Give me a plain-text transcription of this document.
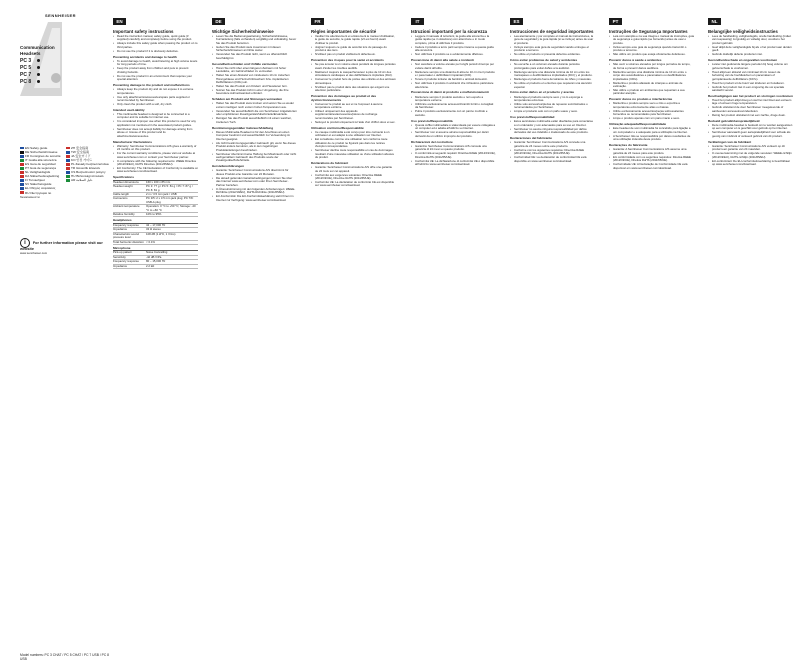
SENNHEISER
Communication
Headsets
PC 3
PC 5
PC 7
PC 8
EN Safety guide
DE Sicherheitshinweise
FR Consignes de sécurité
IT Guida alla sicurezza
ES Guía de seguridad
PT Guia de segurança
NL Veiligheidsgids
DA Sikkerhedsvejledning
FI Turvaohjeet
SV Säkerhetsguide
EL Οδηγός ασφαλείας
RU Инструкция по безопасности
ZH 安全指南
TW 安全指南
JA 安全ガイド
KO 안전 가이드
PL Zasady bezpieczeństwa
TR Güvenlik kılavuzu
CS Bezpečnostní pokyny
HU Biztonsági útmutató
AR دليل السلامة
i For further information please visit our website
www.sennheiser.com
Model numbers: PC 3 CHAT / PC 5 CHAT / PC 7 USB / PC 8 USB
EN
Important safety instructions
• Read the instruction manual, safety guide, quick guide (if supplied) carefully and completely before using the product.
• Always include this safety guide when passing the product on to third parties.
• Do not use the product if it is obviously defective.
Preventing accidents and damage to health
• To avoid damage to health, avoid listening at high volume levels for long periods of time.
• Keep the product away from children and pets to prevent choking hazards.
• Do not use the product in an environment that requires your special attention.
Preventing damage to the product and malfunctions
• Always keep the product dry and do not expose it to extreme temperatures.
• Use only attachments/accessories/spare parts supplied or recommended by Sennheiser.
• Only clean the product with a soft, dry cloth.
Intended use/Liability
• This multimedia headset is designed to be connected to a computer and its suitable for internet use.
• It is considered improper use when this product is used for any application not mentioned in the associated product guides.
• Sennheiser does not accept liability for damage arising from abuse or misuse of this product and its attachments/accessories.
Manufacturer Declarations
• Warranty: Sennheiser Communications A/S gives a warranty of 24 months on this product.
• For the current warranty conditions, please visit our website at www.sennheiser.com or contact your Sennheiser partner.
• In compliance with the following requirements: WEEE Directive (2012/19/EU), RoHS Directive (2011/65/EU).
• EU Conformity: The CE Declaration of Conformity is available at www.sennheiser.com/download.
Specifications	
Headset dimensions	160 x 160 x 85 mm
Headset weight	PC 3: 77 g / PC 5: 81 g / PC 7: 87 g / PC 8: 81 g
Cable length	2 m / 3.5 mm jack / USB
Connectors	PC 3/5: 2 x 3.5 mm jack plug; PC 7/8: USB-A plug
Ambient temperature	Operation: 0 °C to +50 °C; Storage: -20 °C to +60 °C
Relative humidity	10% to 95%
Headphones	
Frequency response	42 – 17,000 Hz
Impedance	32 Ω stereo
Characteristic sound pressure level	108 dB (1 kHz, 1 Vrms)
Total harmonic distortion	< 0.1%
Microphone	
Pick-up pattern	Noise Cancelling
Sensitivity	-42 dB V/Pa
Frequency response	80 – 15,000 Hz
Impedance	2.2 kΩ
DE
Wichtige Sicherheitshinweise
• Lesen Sie die Bedienungsanleitung, Sicherheitshinweise, Kurzanleitung (falls vorhanden) sorgfältig und vollständig, bevor Sie das Produkt benutzen.
• Geben Sie das Produkt stets zusammen mit diesen Sicherheitshinweisen an Dritte weiter.
• Verwenden Sie das Produkt nicht, wenn es offensichtlich beschädigt ist.
Gesundheitsschäden und Unfälle vermeiden
• Hören Sie nicht über einen längeren Zeitraum mit hoher Lautstärke, um Gehörschäden zu vermeiden.
• Halten Sie einen Abstand von mindestens 10 cm zwischen Hörergehäuse und Herzschrittmachern bzw. implantierten Defibrillatoren (ICDs) ein.
• Halten Sie das Produkt von Kindern und Haustieren fern.
• Nutzen Sie das Produkt nicht in einer Umgebung, die Ihre besondere Aufmerksamkeit erfordert.
Schäden am Produkt und Störungen vermeiden
• Halten Sie das Produkt stets trocken und setzen Sie es weder extrem niedrigen noch extrem hohen Temperaturen aus.
• Verwenden Sie ausschließlich die von Sennheiser mitgelieferten oder empfohlenen Zusatzgeräte/Zubehörteile/Ersatzteile.
• Reinigen Sie das Produkt ausschließlich mit einem weichen, trockenen Tuch.
Bestimmungsgemäßer Gebrauch/Haftung
• Dieses Multimedia-Headset ist für den Anschluss an einen Computer bestimmt und ausschließlich zur Verwendung im Internet geeignet.
• Als nicht bestimmungsgemäßer Gebrauch gilt, wenn Sie dieses Produkt anders benutzen, als in den zugehörigen Produktanleitungen beschrieben.
• Sennheiser übernimmt keine Haftung bei Missbrauch oder nicht sachgemäßem Gebrauch des Produkts sowie der Zusatzgeräte/Zubehörteile.
Herstellererklärungen
• Garantie: Sennheiser Communications A/S übernimmt für dieses Produkt eine Garantie von 24 Monaten.
• Die aktuell geltenden Garantiebedingungen können Sie über das Internet www.sennheiser.com oder Ihren Sennheiser-Partner beziehen.
• In Übereinstimmung mit den folgenden Anforderungen: WEEE-Richtlinie (2012/19/EU), RoHS-Richtlinie (2011/65/EU).
• EU-Konformität: Die EU-Konformitätserklärung steht Ihnen im Internet zur Verfügung: www.sennheiser.com/download.
FR
Règles importantes de sécurité
• Veuillez lire attentivement et entièrement le manuel d'utilisation, le guide de sécurité, le guide rapide (s'il est fourni) avant d'utiliser le produit.
• Joignez toujours ce guide de sécurité lors du passage du produit à des tiers.
• N'utilisez pas un produit visiblement défectueux.
Prévention des risques pour la santé et accidents
• Ne pas écouter à un volume élevé pendant de longues périodes avant d'éviter les troubles auditifs.
• Maintenez toujours le casque/l'écouteur à plus de 10 cm des stimulateurs cardiaques et des défibrillateurs implantés (DAI).
• Conservez le produit hors de portée des enfants et des animaux domestiques.
• N'utilisez pas le produit dans des situations qui exigent une attention particulière.
Prévention des dommages au produit et des dysfonctionnements
• Conservez le produit au sec et ne l'exposez à aucune température extrême.
• Utilisez uniquement des appareils supplémentaires/accessoires/pièces de rechange recommandés par Sennheiser.
• Nettoyez le produit uniquement à l'aide d'un chiffon doux et sec.
Utilisation conforme/Responsabilité
• Ce casque multimédia a été conçu pour être connecté à un ordinateur et est adapté à une utilisation sur Internet.
• Est considérée comme une utilisation non conforme toute utilisation de ce produit ne figurant pas dans les notices d'emploi correspondantes.
• Sennheiser décline toute responsabilité en cas de dommages résultant d'une mauvaise utilisation ou d'une utilisation abusive du produit.
Déclarations du fabricant
• Garantie: Sennheiser Communications A/S offre une garantie de 24 mois sur cet appareil.
• Conformité aux exigences suivantes: Directive DEEE (2012/19/UE), Directive RoHS (2011/65/UE).
• Conformité UE: La déclaration de conformité CE est disponible sur www.sennheiser.com/download.
IT
Istruzioni importanti per la sicurezza
• Leggere il manuale di istruzioni, la guida alla sicurezza e la guida rapida (se in dotazione) con attenzione e in modo completo, prima di utilizzare il prodotto.
• Cedere il prodotto a terze parti sempre insieme a questa guida alla sicurezza.
• Non utilizzare il prodotto se è evidentemente difettoso.
Prevenzione di danni alla salute e incidenti
• Non ascoltare a volume elevato per lunghi periodi di tempo per evitare danni all'udito.
• Mantenere sempre una distanza di almeno 10 cm tra il prodotto e i pacemaker o defibrillatori impiantati (ICD).
• Tenere il prodotto lontano da bambini e animali domestici.
• Non utilizzare il prodotto in ambienti che richiedono particolare attenzione.
Prevenzione di danni al prodotto e malfunzionamenti
• Mantenere sempre il prodotto asciutto e non esporlo a temperature estreme.
• Utilizzare esclusivamente accessori/ricambi forniti o consigliati da Sennheiser.
• Pulire il prodotto esclusivamente con un panno morbido e asciutto.
Uso previsto/Responsabilità
• Questa cuffia multimediale è stata ideata per essere collegata a un computer ed è adatta all'utilizzo su Internet.
• Sennheiser non si assume alcuna responsabilità per danni derivanti da un utilizzo improprio del prodotto.
Dichiarazioni del costruttore
• Garanzia: Sennheiser Communications A/S concede una garanzia di 24 mesi su questo prodotto.
• In conformità ai seguenti requisiti: Direttiva RAEE (2012/19/UE), Direttiva RoHS (2011/65/UE).
• Conformità UE: La dichiarazione di conformità UE è disponibile all'indirizzo www.sennheiser.com/download.
ES
Instrucciones de seguridad importantes
• Lea atentamente y por completo el manual de instrucciones, la guía de seguridad y la guía rápida (si se incluye) antes de usar el producto.
• Incluya siempre esta guía de seguridad cuando entregue el producto a terceros.
• No utilice el producto si presenta defectos evidentes.
Cómo evitar problemas de salud y accidentes
• No escuche a un volumen elevado durante periodos prolongados para evitar daños a la audición.
• Mantenga siempre una distancia mínima de 10 cm entre los marcapasos o desfibriladores implantados (DCI) y el producto.
• Mantenga el producto fuera del alcance de niños y mascotas.
• No utilice el producto en entornos que requieran una atención especial.
Cómo evitar daños en el producto y averías
• Mantenga el producto siempre seco y no lo exponga a temperaturas extremas.
• Utilice solo accesorios/piezas de repuesto suministrados o recomendados por Sennheiser.
• Limpie el producto solo con un paño suave y seco.
Uso previsto/Responsabilidad
• Estos auriculares multimedia están diseñados para conectarse a un ordenador y son adecuados para su uso en Internet.
• Sennheiser no asume ninguna responsabilidad por daños derivados del uso indebido o inadecuado de este producto.
Declaraciones del fabricante
• Garantía: Sennheiser Communications A/S concede una garantía de 24 meses sobre este producto.
• Conforme con los siguientes requisitos: Directiva RAEE (2012/19/UE), Directiva RoHS (2011/65/UE).
• Conformidad UE: La declaración de conformidad CE está disponible en www.sennheiser.com/download.
PT
Instruções de Segurança Importantes
• Leia com atenção e na sua íntegra o manual de instruções, guia de segurança e guia rápido (se fornecido) antes de usar o produto.
• Inclua sempre este guia de segurança quando transmitir o produto a terceiros.
• Não utilize um produto que esteja obviamente defeituoso.
Prevenir danos à saúde e acidentes
• Não ouvir a volumes elevados por longos períodos de tempo, de forma a prevenir danos auditivos.
• Mantenha sempre uma distância mínima de 10 cm entre o corpo dos auscultadores e pacemakers ou desfibriladores implantados (CDIs).
• Mantenha o produto afastado de crianças e animais de estimação.
• Não utilize o produto em ambientes que requeiram a sua particular atenção.
Prevenir danos no produto e interferências
• Mantenha o produto sempre seco e não o exponha a temperaturas extremamente altas ou baixas.
• Utilize exclusivamente acessórios/peças sobressalentes fornecidos ou recomendados pela Sennheiser.
• Limpe o produto apenas com um pano macio e seco.
Utilização adequada/Responsabilidade
• Este headset de som multimédia foi concebido para ligação a um computador e é adequado para a utilização na Internet.
• A Sennheiser não se responsabiliza por danos resultantes de uma utilização indevida deste produto.
Declarações do fabricante
• Garantia: A Sennheiser Communications A/S assume uma garantia de 24 meses para este produto.
• Em conformidade com os seguintes requisitos: Diretiva REEE (2012/19/UE), Diretiva RoHS (2011/65/UE).
• Conformidade UE: A Declaração de Conformidade CE está disponível em www.sennheiser.com/download.
NL
Belangrijke veiligheidsinstructies
• Lees de handleiding, veiligheidsgids, snelle handleiding (indien van toepassing) zorgvuldig en volledig door, voordat u het product gebruikt.
• Geef altijd deze veiligheidsgids bij als u het product aan derden geeft.
• Gebruik duidelijk defecte producten niet.
Gezondheidsschade en ongevallen voorkomen
• Luister niet gedurende langere perioden bij hoog volume om gehoorschade te voorkomen.
• Houd altijd een afstand van minimaal 10 cm tussen de behuizing van de hoofdtelefoon en pacemakers of geïmplanteerde defibrillators (ICD's).
• Houd het product uit de buurt van kinderen en huisdieren.
• Gebruik het product niet in een omgeving die uw speciale aandacht vereist.
Beschadigingen aan het product en storingen voorkomen
• Houd het product altijd droog en stel het niet bloot aan extreem lage of extreem hoge temperaturen.
• Gebruik uitsluitend de door Sennheiser meegeleverde of aanbevolen accessoires/onderdelen.
• Reinig het product uitsluitend met een zachte, droge doek.
Bedoeld gebruik/Aansprakelijkheid
• Deze multimedia-headset is bedoeld om te worden aangesloten op een computer en is geschikt voor gebruik op het internet.
• Sennheiser aanvaardt geen aansprakelijkheid voor schade als gevolg van misbruik of verkeerd gebruik van dit product.
Verklaringen van de fabrikant
• Garantie: Sennheiser Communications A/S verleent op dit product een garantie van 24 maanden.
• In overeenstemming met de volgende vereisten: WEEE-richtlijn (2012/19/EU), RoHS-richtlijn (2011/65/EU).
• EU-conformiteit: De EU-conformiteitsverklaring is beschikbaar op www.sennheiser.com/download.
